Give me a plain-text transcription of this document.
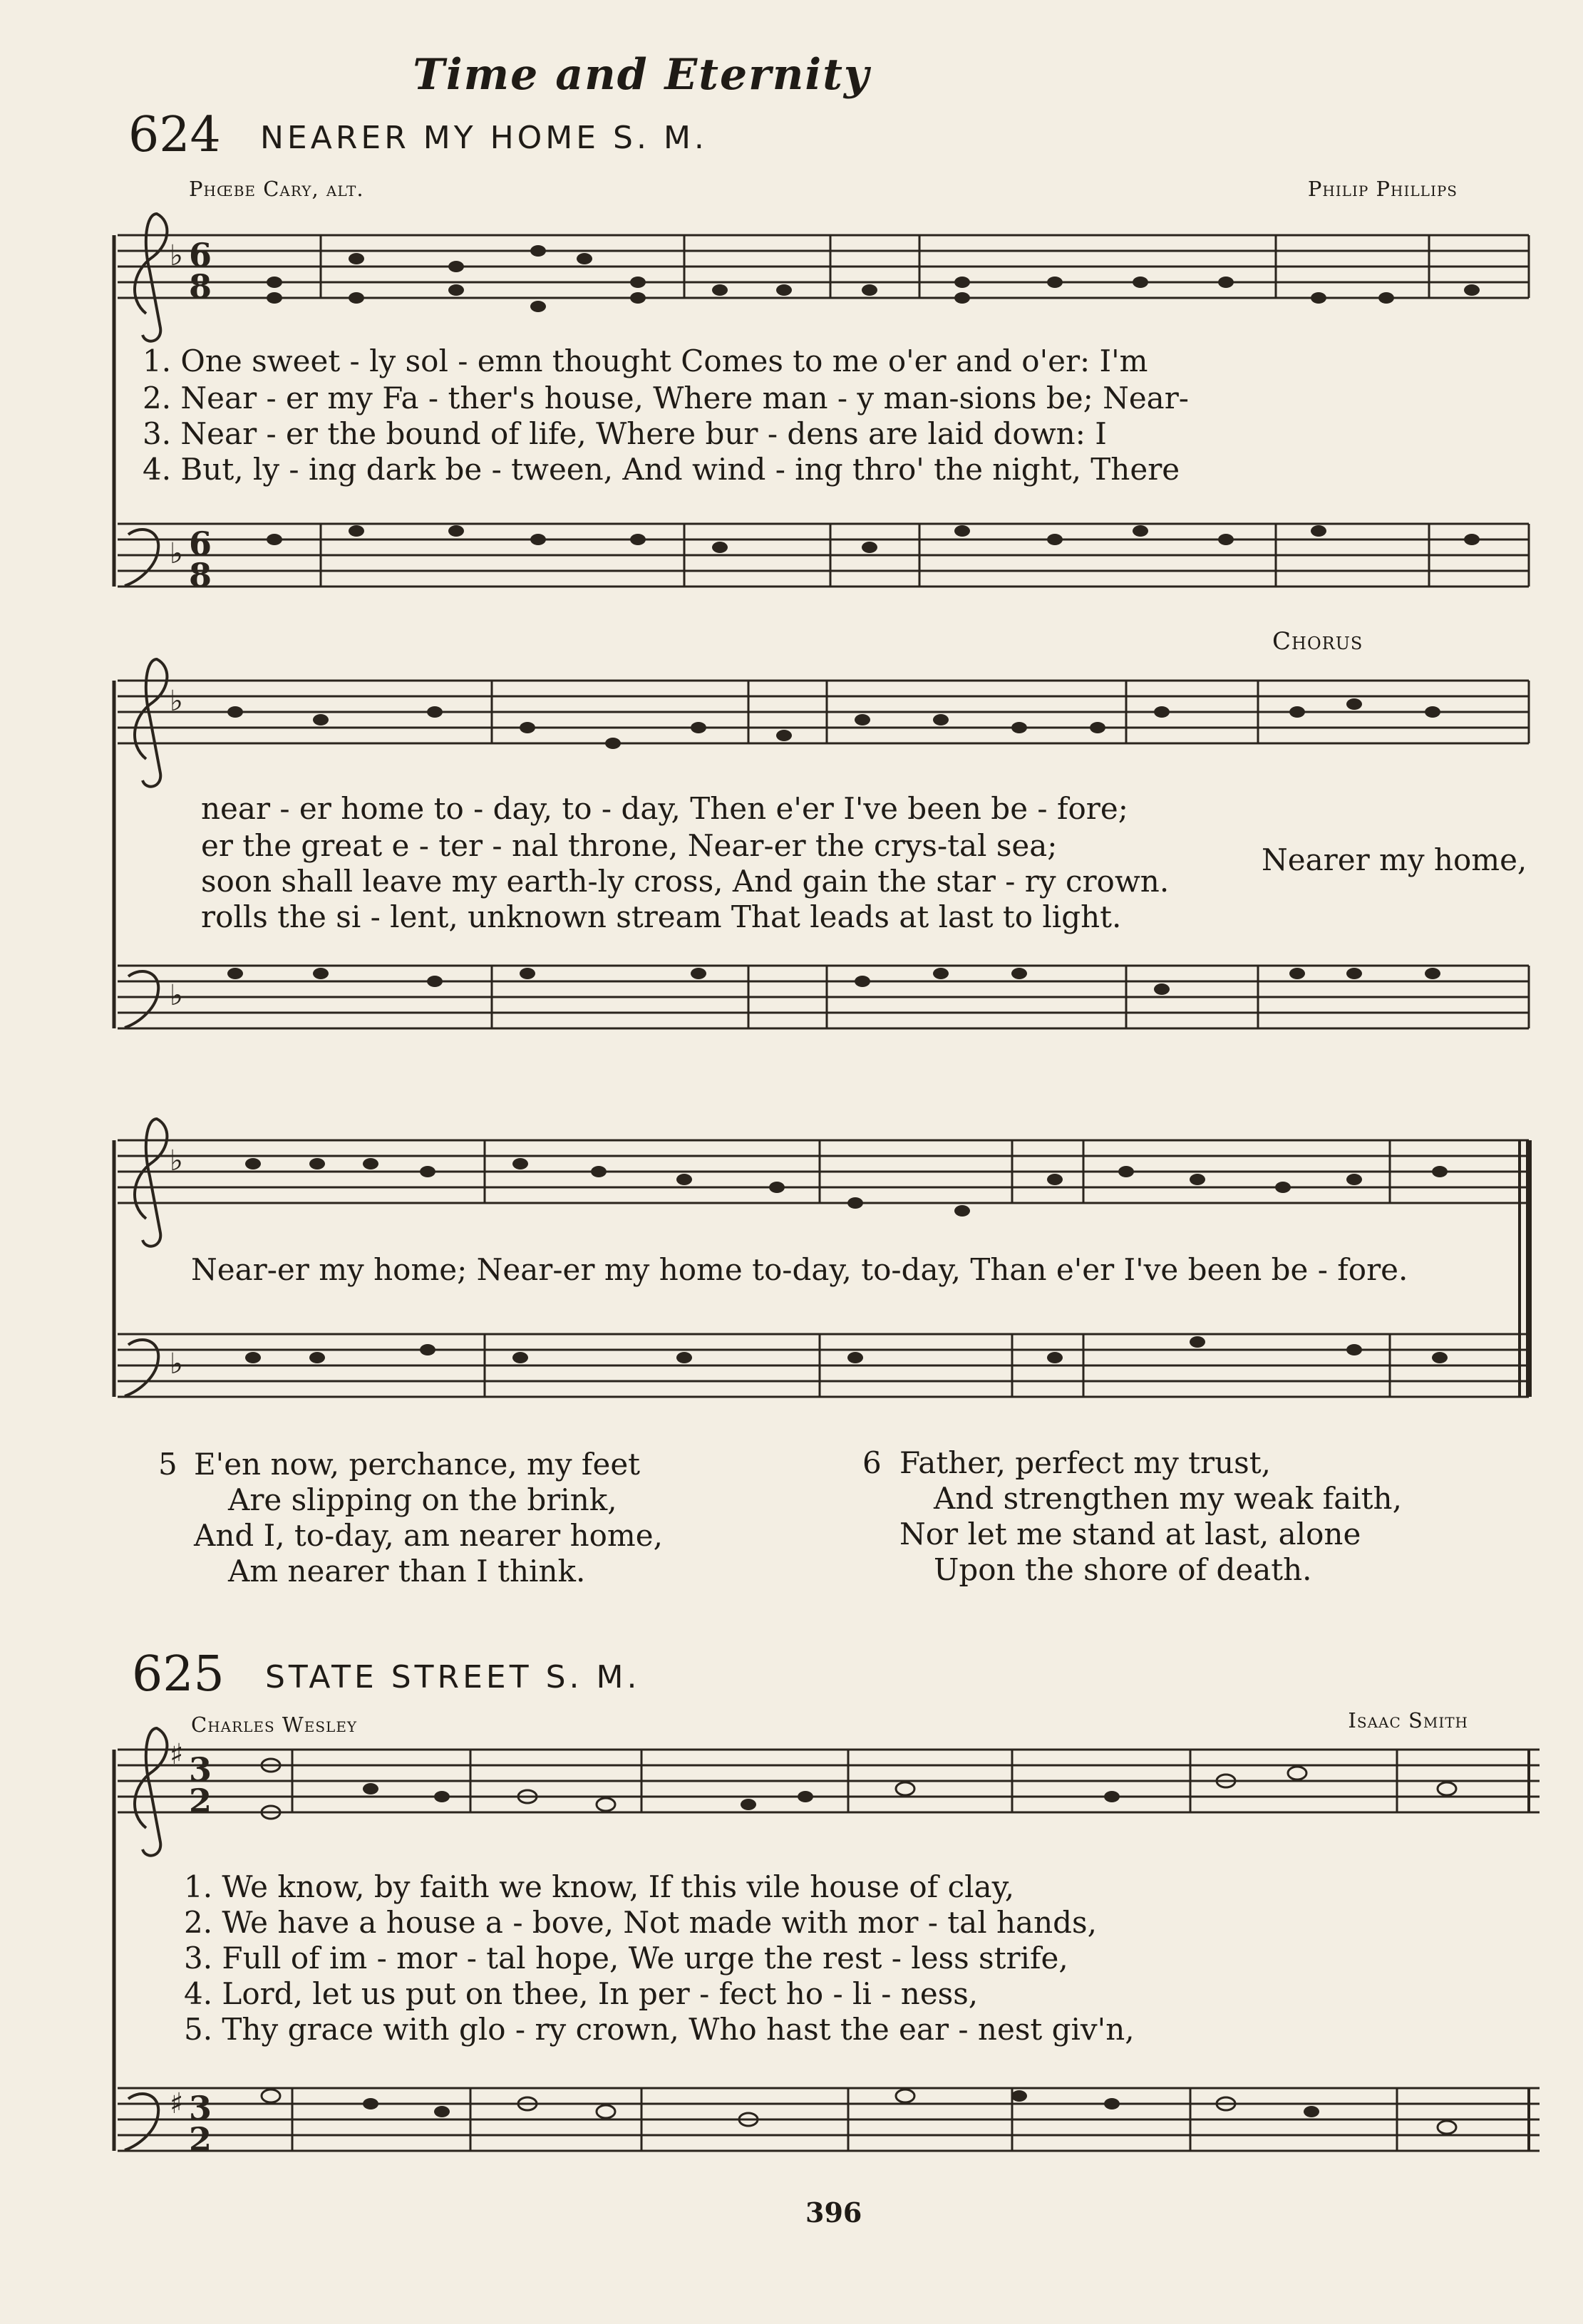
Time and Eternity
624 NEARER MY HOME S. M.
Phœbe Cary, alt.	Philip Phillips
6
8
6
8
3
2
3
2
♭
♭
♭
♭
♭
♭
♯
♯
1. One sweet - ly sol - emn thought Comes to me o'er and o'er: I'm
2. Near - er my Fa - ther's house, Where man - y man-sions be; Near-
3. Near - er the bound of life, Where bur - dens are laid down: I
4. But, ly - ing dark be - tween, And wind - ing thro' the night, There
Chorus
near - er home to - day, to - day, Then e'er I've been be - fore;
er the great e - ter - nal throne, Near-er the crys-tal sea;
soon shall leave my earth-ly cross, And gain the star - ry crown.
rolls the si - lent, unknown stream That leads at last to light.
Nearer my home,
Near-er my home; Near-er my home to-day, to-day, Than e'er I've been be - fore.
5 E'en now, perchance, my feet
Are slipping on the brink,
And I, to-day, am nearer home,
Am nearer than I think.
6 Father, perfect my trust,
And strengthen my weak faith,
Nor let me stand at last, alone
Upon the shore of death.
625 STATE STREET S. M.
Charles Wesley	Isaac Smith
1. We know, by faith we know, If this vile house of clay,
2. We have a house a - bove, Not made with mor - tal hands,
3. Full of im - mor - tal hope, We urge the rest - less strife,
4. Lord, let us put on thee, In per - fect ho - li - ness,
5. Thy grace with glo - ry crown, Who hast the ear - nest giv'n,
396
